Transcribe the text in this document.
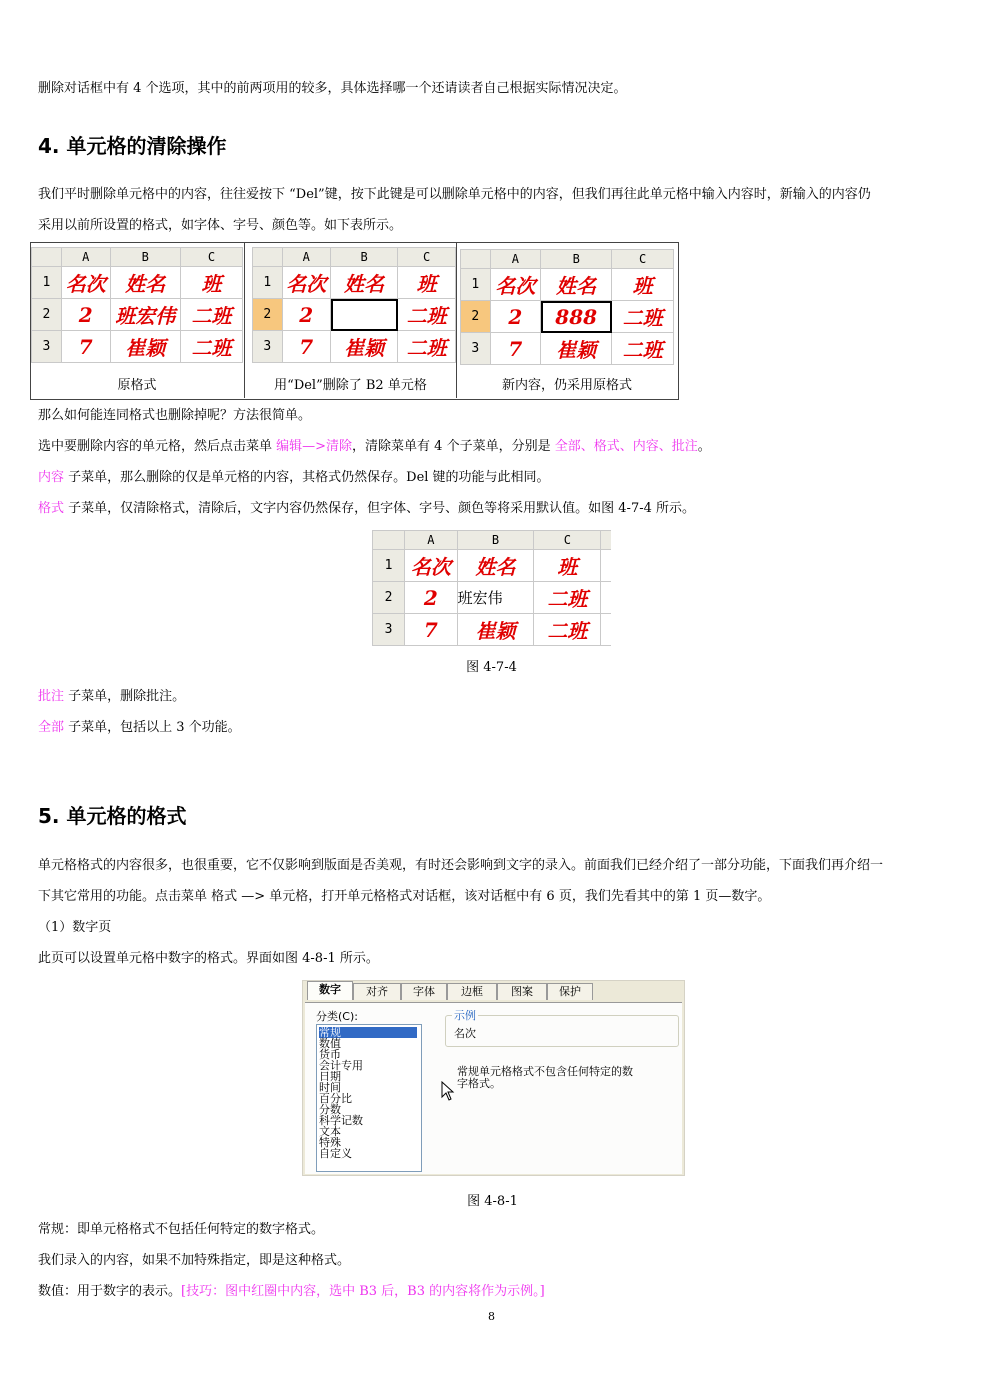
删除对话框中有 4 个选项，其中的前两项用的较多，具体选择哪一个还请读者自己根据实际情况决定。
4. 单元格的清除操作
我们平时删除单元格中的内容，往往爱按下 “Del”键，按下此键是可以删除单元格中的内容，但我们再往此单元格中输入内容时，新输入的内容仍
采用以前所设置的格式，如字体、字号、颜色等。如下表所示。
	A	B	C
1	名次	姓名	班
2	2	班宏伟	二班
3	7	崔颖	二班
原格式
	A	B	C
1	名次	姓名	班
2	2		二班
3	7	崔颖	二班
用“Del”删除了 B2 单元格
	A	B	C
1	名次	姓名	班
2	2	888	二班
3	7	崔颖	二班
新内容，仍采用原格式
那么如何能连同格式也删除掉呢？方法很简单。
选中要删除内容的单元格，然后点击菜单 编辑—>清除，清除菜单有 4 个子菜单，分别是 全部、格式、内容、批注。
内容 子菜单，那么删除的仅是单元格的内容，其格式仍然保存。Del 键的功能与此相同。
格式 子菜单，仅清除格式，清除后，文字内容仍然保存，但字体、字号、颜色等将采用默认值。如图 4-7-4 所示。
	A	B	C	
1	名次	姓名	班	
2	2	班宏伟	二班	
3	7	崔颖	二班	
图 4-7-4
批注 子菜单，删除批注。
全部 子菜单，包括以上 3 个功能。
5. 单元格的格式
单元格格式的内容很多，也很重要，它不仅影响到版面是否美观，有时还会影响到文字的录入。前面我们已经介绍了一部分功能，下面我们再介绍一
下其它常用的功能。点击菜单 格式 —> 单元格，打开单元格格式对话框，该对话框中有 6 页，我们先看其中的第 1 页—数字。
（1）数字页
此页可以设置单元格中数字的格式。界面如图 4-8-1 所示。
数字	对齐	字体	边框	图案	保护
分类(C):
常规
数值
货币
会计专用
日期
时间
百分比
分数
科学记数
文本
特殊
自定义
示例
名次
常规单元格格式不包含任何特定的数
字格式。
图 4-8-1
常规：即单元格格式不包括任何特定的数字格式。
我们录入的内容，如果不加特殊指定，即是这种格式。
数值：用于数字的表示。[技巧：图中红圈中内容，选中 B3 后，B3 的内容将作为示例。]
8
